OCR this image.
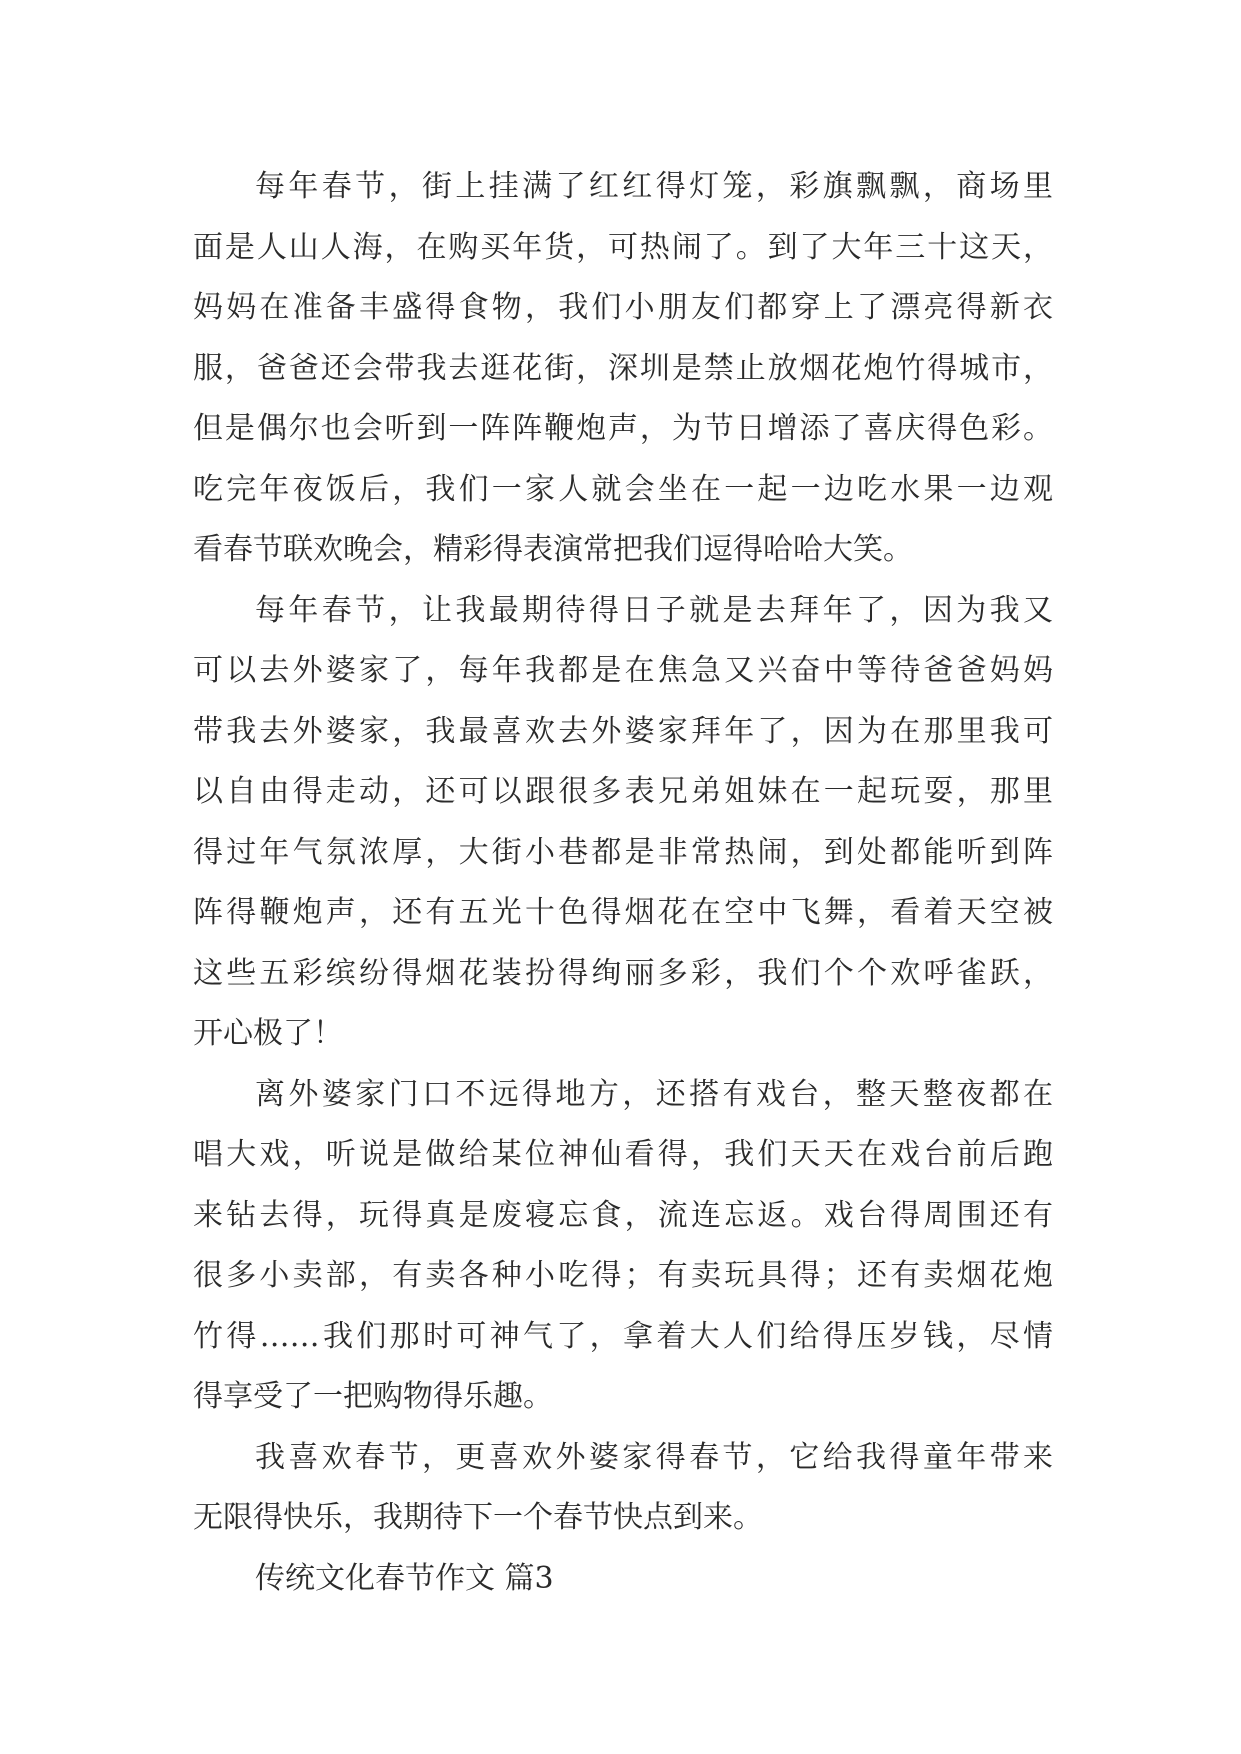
每年春节，街上挂满了红红得灯笼，彩旗飘飘，商场里
面是人山人海，在购买年货，可热闹了。到了大年三十这天，
妈妈在准备丰盛得食物，我们小朋友们都穿上了漂亮得新衣
服，爸爸还会带我去逛花街，深圳是禁止放烟花炮竹得城市，
但是偶尔也会听到一阵阵鞭炮声，为节日增添了喜庆得色彩。
吃完年夜饭后，我们一家人就会坐在一起一边吃水果一边观
看春节联欢晚会，精彩得表演常把我们逗得哈哈大笑。
每年春节，让我最期待得日子就是去拜年了，因为我又
可以去外婆家了，每年我都是在焦急又兴奋中等待爸爸妈妈
带我去外婆家，我最喜欢去外婆家拜年了，因为在那里我可
以自由得走动，还可以跟很多表兄弟姐妹在一起玩耍，那里
得过年气氛浓厚，大街小巷都是非常热闹，到处都能听到阵
阵得鞭炮声，还有五光十色得烟花在空中飞舞，看着天空被
这些五彩缤纷得烟花装扮得绚丽多彩，我们个个欢呼雀跃，
开心极了！
离外婆家门口不远得地方，还搭有戏台，整天整夜都在
唱大戏，听说是做给某位神仙看得，我们天天在戏台前后跑
来钻去得，玩得真是废寝忘食，流连忘返。戏台得周围还有
很多小卖部，有卖各种小吃得；有卖玩具得；还有卖烟花炮
竹得……我们那时可神气了，拿着大人们给得压岁钱，尽情
得享受了一把购物得乐趣。
我喜欢春节，更喜欢外婆家得春节，它给我得童年带来
无限得快乐，我期待下一个春节快点到来。
传统文化春节作文 篇3
